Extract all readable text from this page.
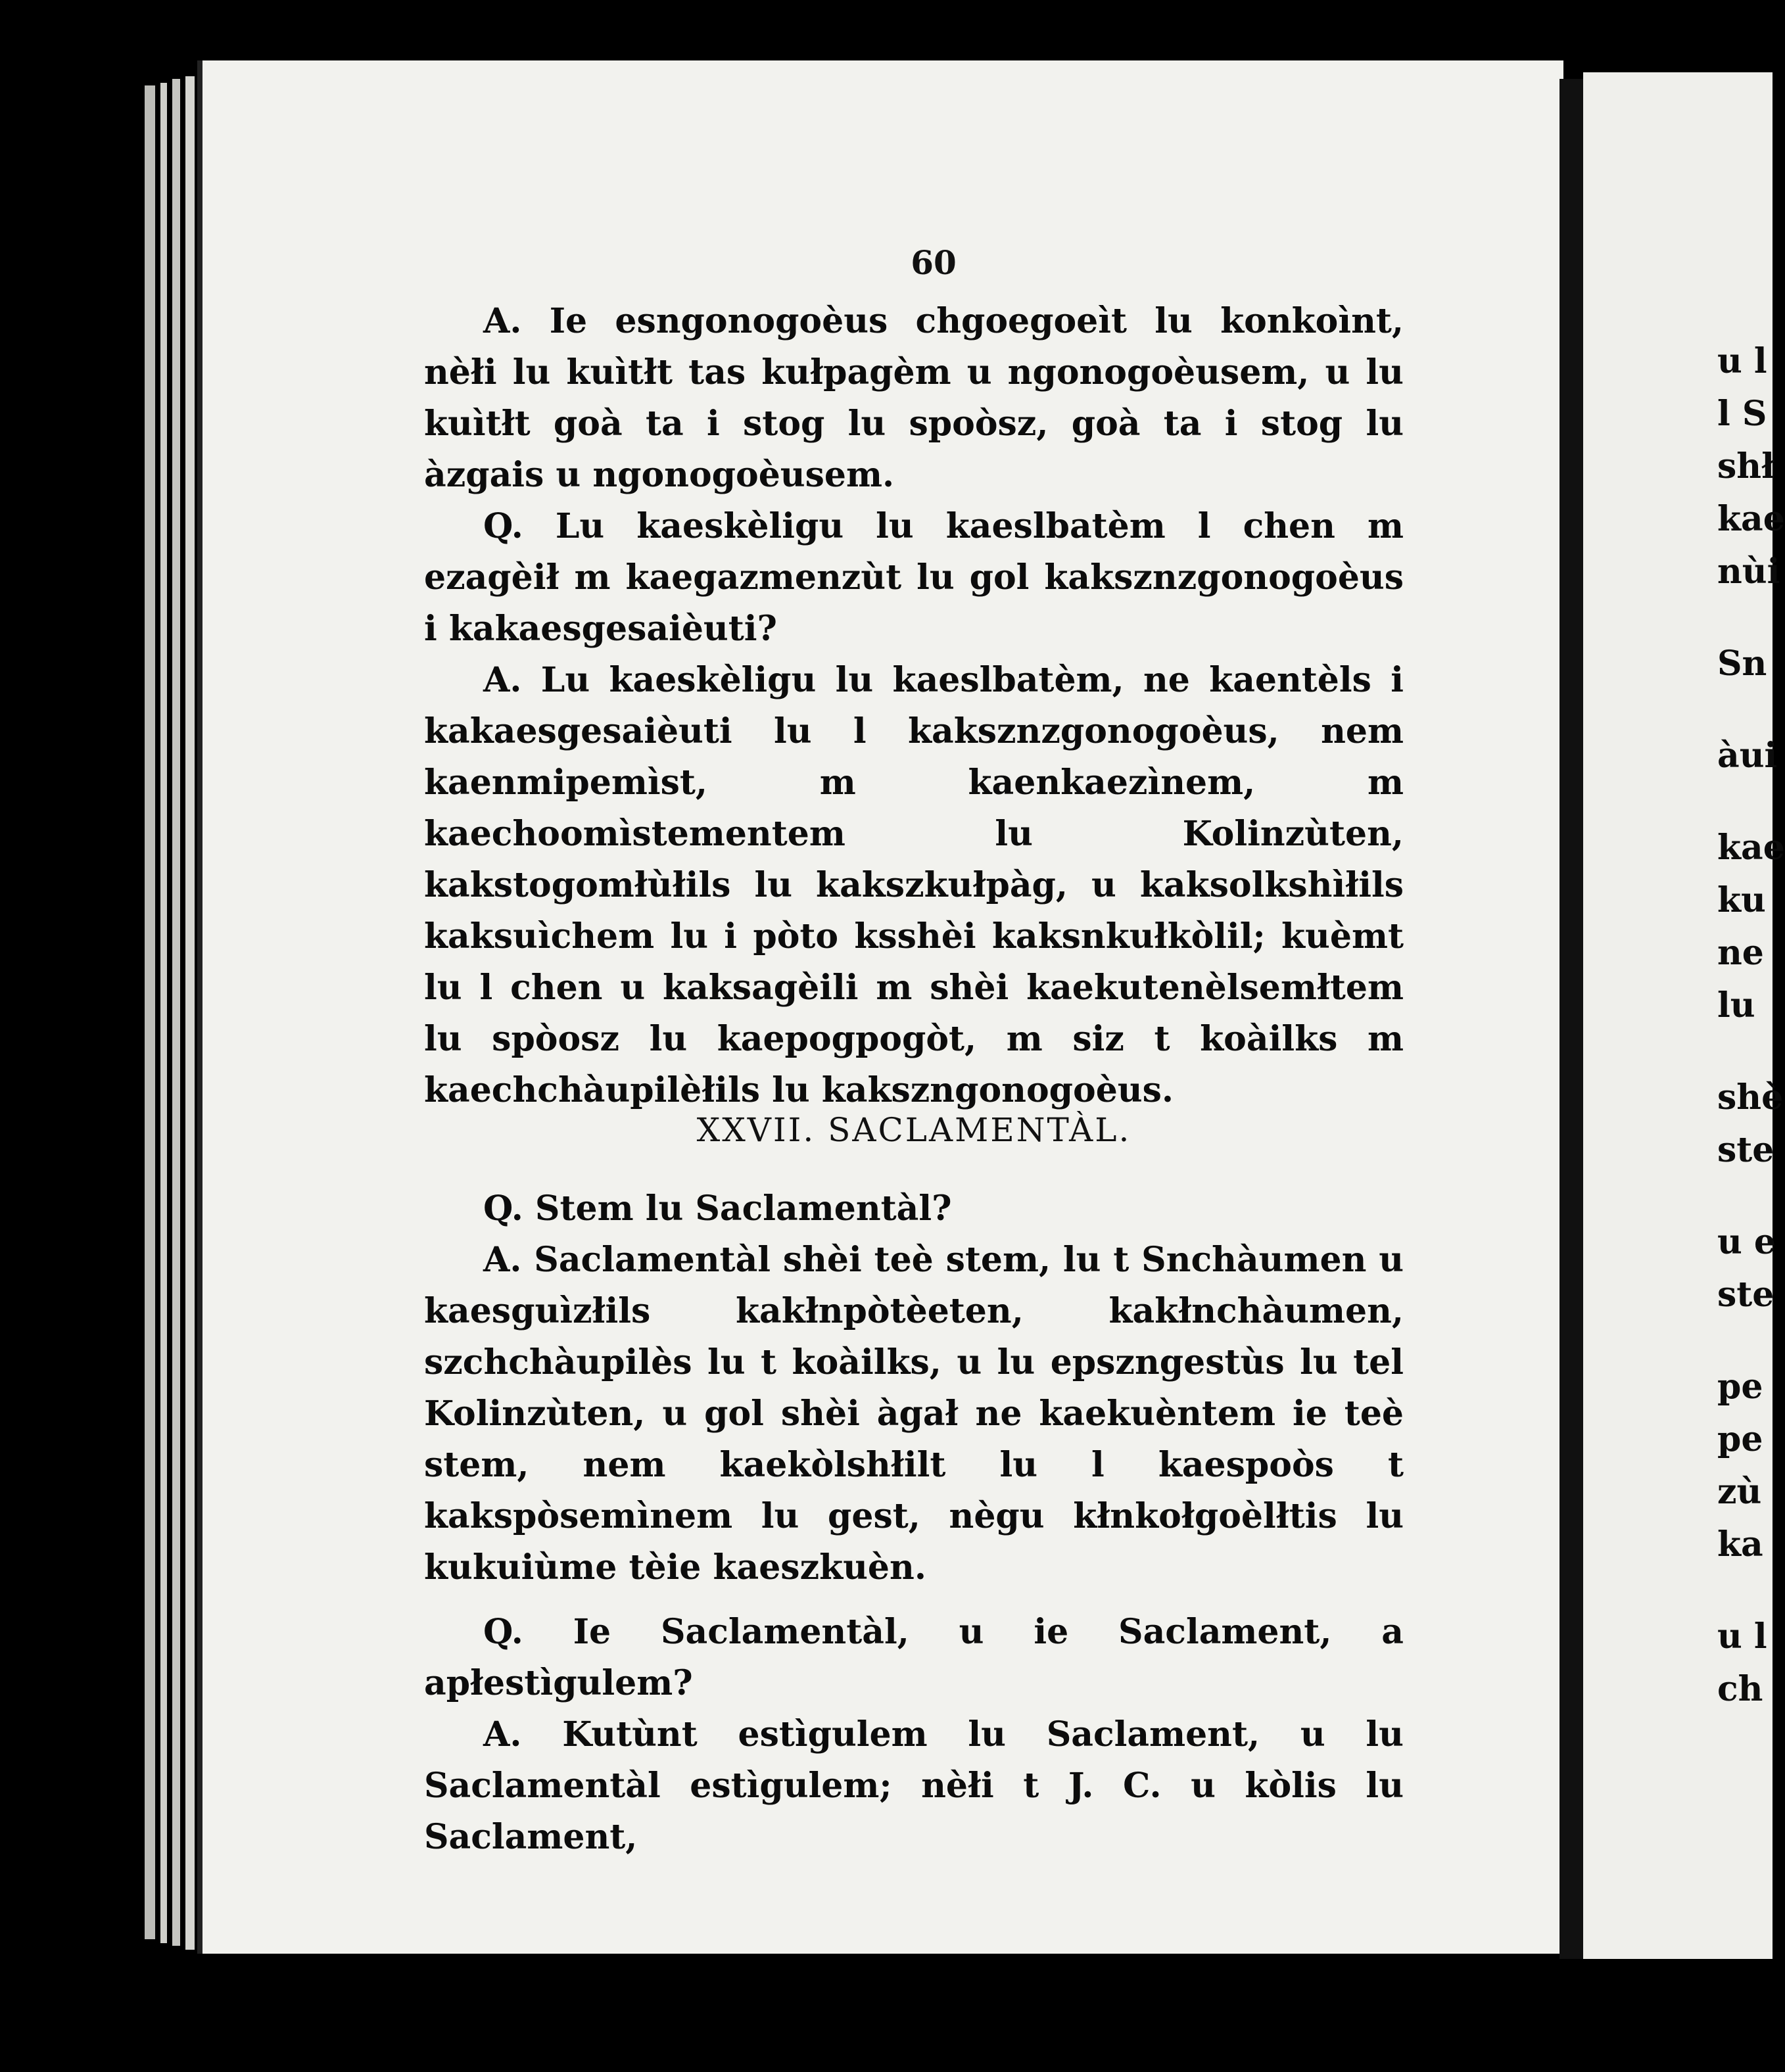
60

A. Ie esngonogoèus chgoegoeìt lu konkoìnt, nèłi lu kuìtłt tas kułpagèm u ngonogoèusem, u lu kuìtłt goà ta i stog lu spoòsz, goà ta i stog lu àzgais u ngonogoèusem.

Q. Lu kaeskèligu lu kaeslbatèm l chen m ezagèił m kaegazmenzùt lu gol kaksznzgonogoèus i kakaesgesaièuti?

A. Lu kaeskèligu lu kaeslbatèm, ne kaentèls i kakaesgesaièuti lu l kaksznzgonogoèus, nem kaenmipemìst, m kaenkaezìnem, m kaechoomìstementem lu Kolinzùten, kakstogomłùłils lu kakszkułpàg, u kaksolkshìłils kaksuìchem lu i pòto ksshèi kaksnkułkòlil; kuèmt lu l chen u kaksagèili m shèi kaekutenèlsemłtem lu spòosz lu kaepogpogòt, m siz t koàilks m kaechchàupilèłils lu kakszngonogoèus.

XXVII. SACLAMENTÀL.

Q. Stem lu Saclamentàl?

A. Saclamentàl shèi teè stem, lu t Snchàumen u kaesguìzłils kakłnpòtèeten, kakłnchàumen, szchchàupilès lu t koàilks, u lu epszngestùs lu tel Kolinzùten, u gol shèi àgał ne kaekuèntem ie teè stem, nem kaekòlshłilt lu l kaespoòs t kakspòsemìnem lu gest, nègu kłnkołgoèlłtis lu kukuiùme tèie kaeszkuèn.

Q. Ie Saclamentàl, u ie Saclament, a apłestìgulem?

A. Kutùnt estìgulem lu Saclament, u lu Saclamentàl estìgulem; nèłi t J. C. u kòlis lu Saclament,

u l
l S
shł
kae
nùi
Sn
àui
kae
ku
ne
lu
shè
ste
u e
ste
pe
pe
zù
ka
u l
ch
